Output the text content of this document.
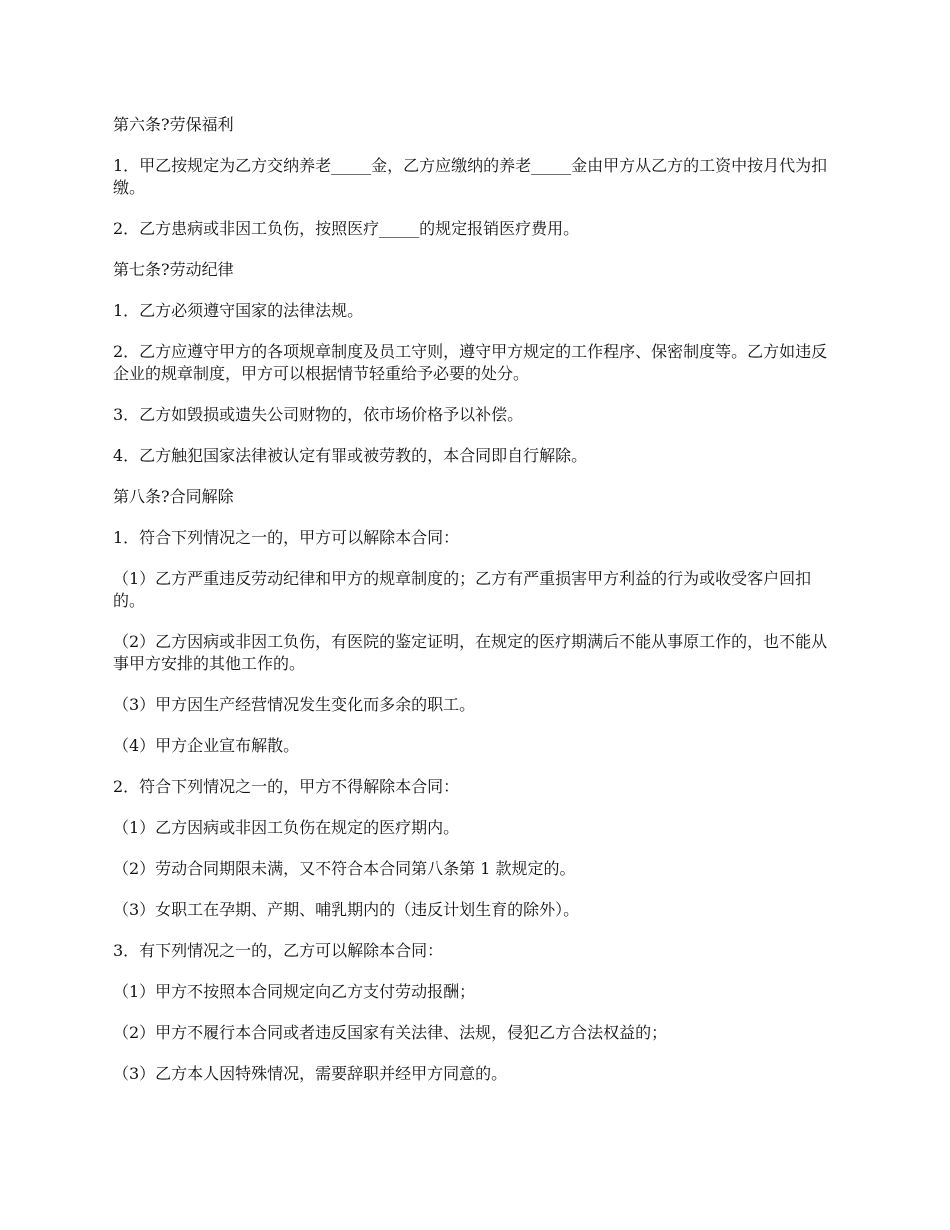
第六条?劳保福利

1．甲乙按规定为乙方交纳养老_____金，乙方应缴纳的养老_____金由甲方从乙方的工资中按月代为扣缴。

2．乙方患病或非因工负伤，按照医疗_____的规定报销医疗费用。

第七条?劳动纪律

1．乙方必须遵守国家的法律法规。

2．乙方应遵守甲方的各项规章制度及员工守则，遵守甲方规定的工作程序、保密制度等。乙方如违反企业的规章制度，甲方可以根据情节轻重给予必要的处分。

3．乙方如毁损或遗失公司财物的，依市场价格予以补偿。

4．乙方触犯国家法律被认定有罪或被劳教的，本合同即自行解除。

第八条?合同解除

1．符合下列情况之一的，甲方可以解除本合同：

（1）乙方严重违反劳动纪律和甲方的规章制度的；乙方有严重损害甲方利益的行为或收受客户回扣的。

（2）乙方因病或非因工负伤，有医院的鉴定证明，在规定的医疗期满后不能从事原工作的，也不能从事甲方安排的其他工作的。

（3）甲方因生产经营情况发生变化而多余的职工。

（4）甲方企业宣布解散。

2．符合下列情况之一的，甲方不得解除本合同：

（1）乙方因病或非因工负伤在规定的医疗期内。

（2）劳动合同期限未满，又不符合本合同第八条第 1 款规定的。

（3）女职工在孕期、产期、哺乳期内的（违反计划生育的除外）。

3．有下列情况之一的，乙方可以解除本合同：

（1）甲方不按照本合同规定向乙方支付劳动报酬；

（2）甲方不履行本合同或者违反国家有关法律、法规，侵犯乙方合法权益的；

（3）乙方本人因特殊情况，需要辞职并经甲方同意的。
